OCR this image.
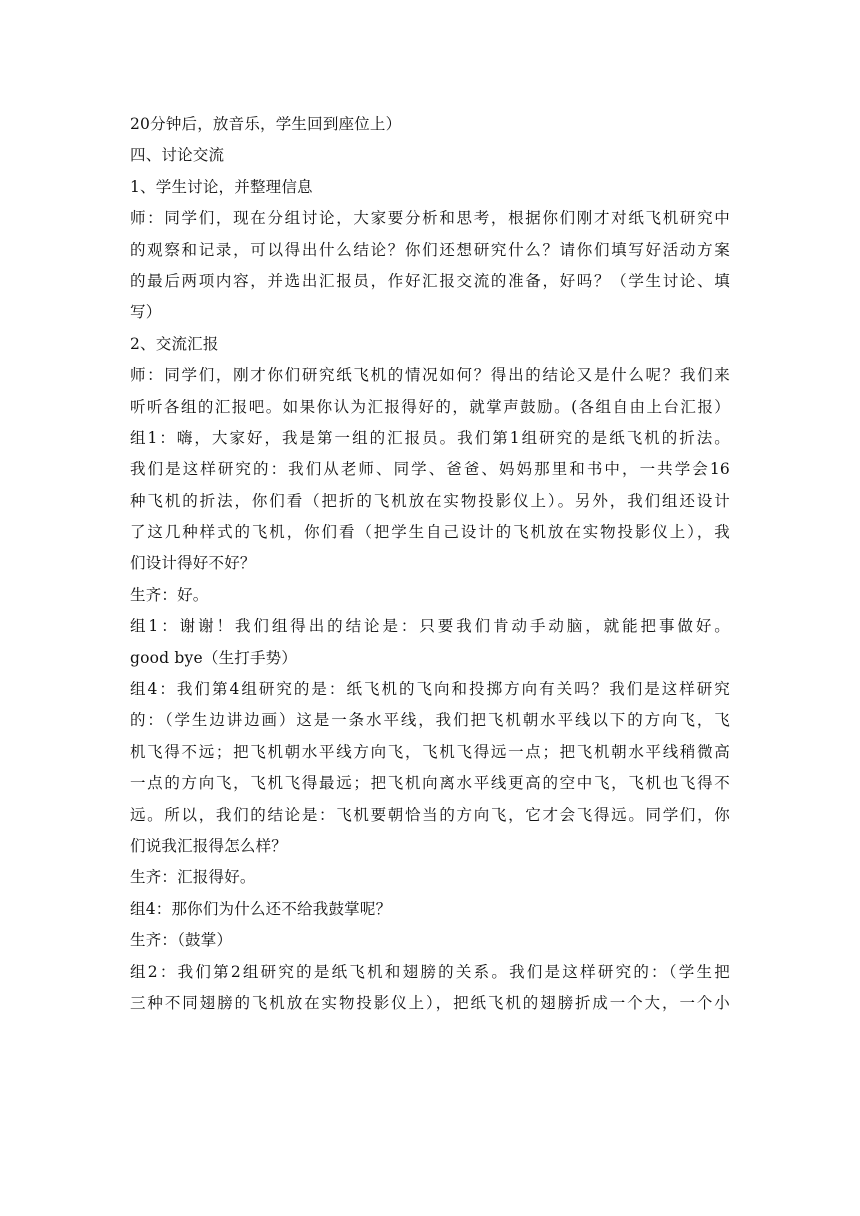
20分钟后，放音乐，学生回到座位上）
四、讨论交流
1、学生讨论，并整理信息
师：同学们，现在分组讨论，大家要分析和思考，根据你们刚才对纸飞机研究中
的观察和记录，可以得出什么结论？你们还想研究什么？请你们填写好活动方案
的最后两项内容，并选出汇报员，作好汇报交流的准备，好吗？（学生讨论、填
写）
2、交流汇报
师：同学们，刚才你们研究纸飞机的情况如何？得出的结论又是什么呢？我们来
听听各组的汇报吧。如果你认为汇报得好的，就掌声鼓励。(各组自由上台汇报）
组1：嗨，大家好，我是第一组的汇报员。我们第1组研究的是纸飞机的折法。
我们是这样研究的：我们从老师、同学、爸爸、妈妈那里和书中，一共学会16
种飞机的折法，你们看（把折的飞机放在实物投影仪上）。另外，我们组还设计
了这几种样式的飞机，你们看（把学生自己设计的飞机放在实物投影仪上），我
们设计得好不好？
生齐：好。
组1：谢谢！我们组得出的结论是：只要我们肯动手动脑，就能把事做好。
good bye（生打手势）
组4：我们第4组研究的是：纸飞机的飞向和投掷方向有关吗？我们是这样研究
的：（学生边讲边画）这是一条水平线，我们把飞机朝水平线以下的方向飞，飞
机飞得不远；把飞机朝水平线方向飞，飞机飞得远一点；把飞机朝水平线稍微高
一点的方向飞，飞机飞得最远；把飞机向离水平线更高的空中飞，飞机也飞得不
远。所以，我们的结论是：飞机要朝恰当的方向飞，它才会飞得远。同学们，你
们说我汇报得怎么样？
生齐：汇报得好。
组4：那你们为什么还不给我鼓掌呢？
生齐：（鼓掌）
组2：我们第2组研究的是纸飞机和翅膀的关系。我们是这样研究的：（学生把
三种不同翅膀的飞机放在实物投影仪上），把纸飞机的翅膀折成一个大，一个小
